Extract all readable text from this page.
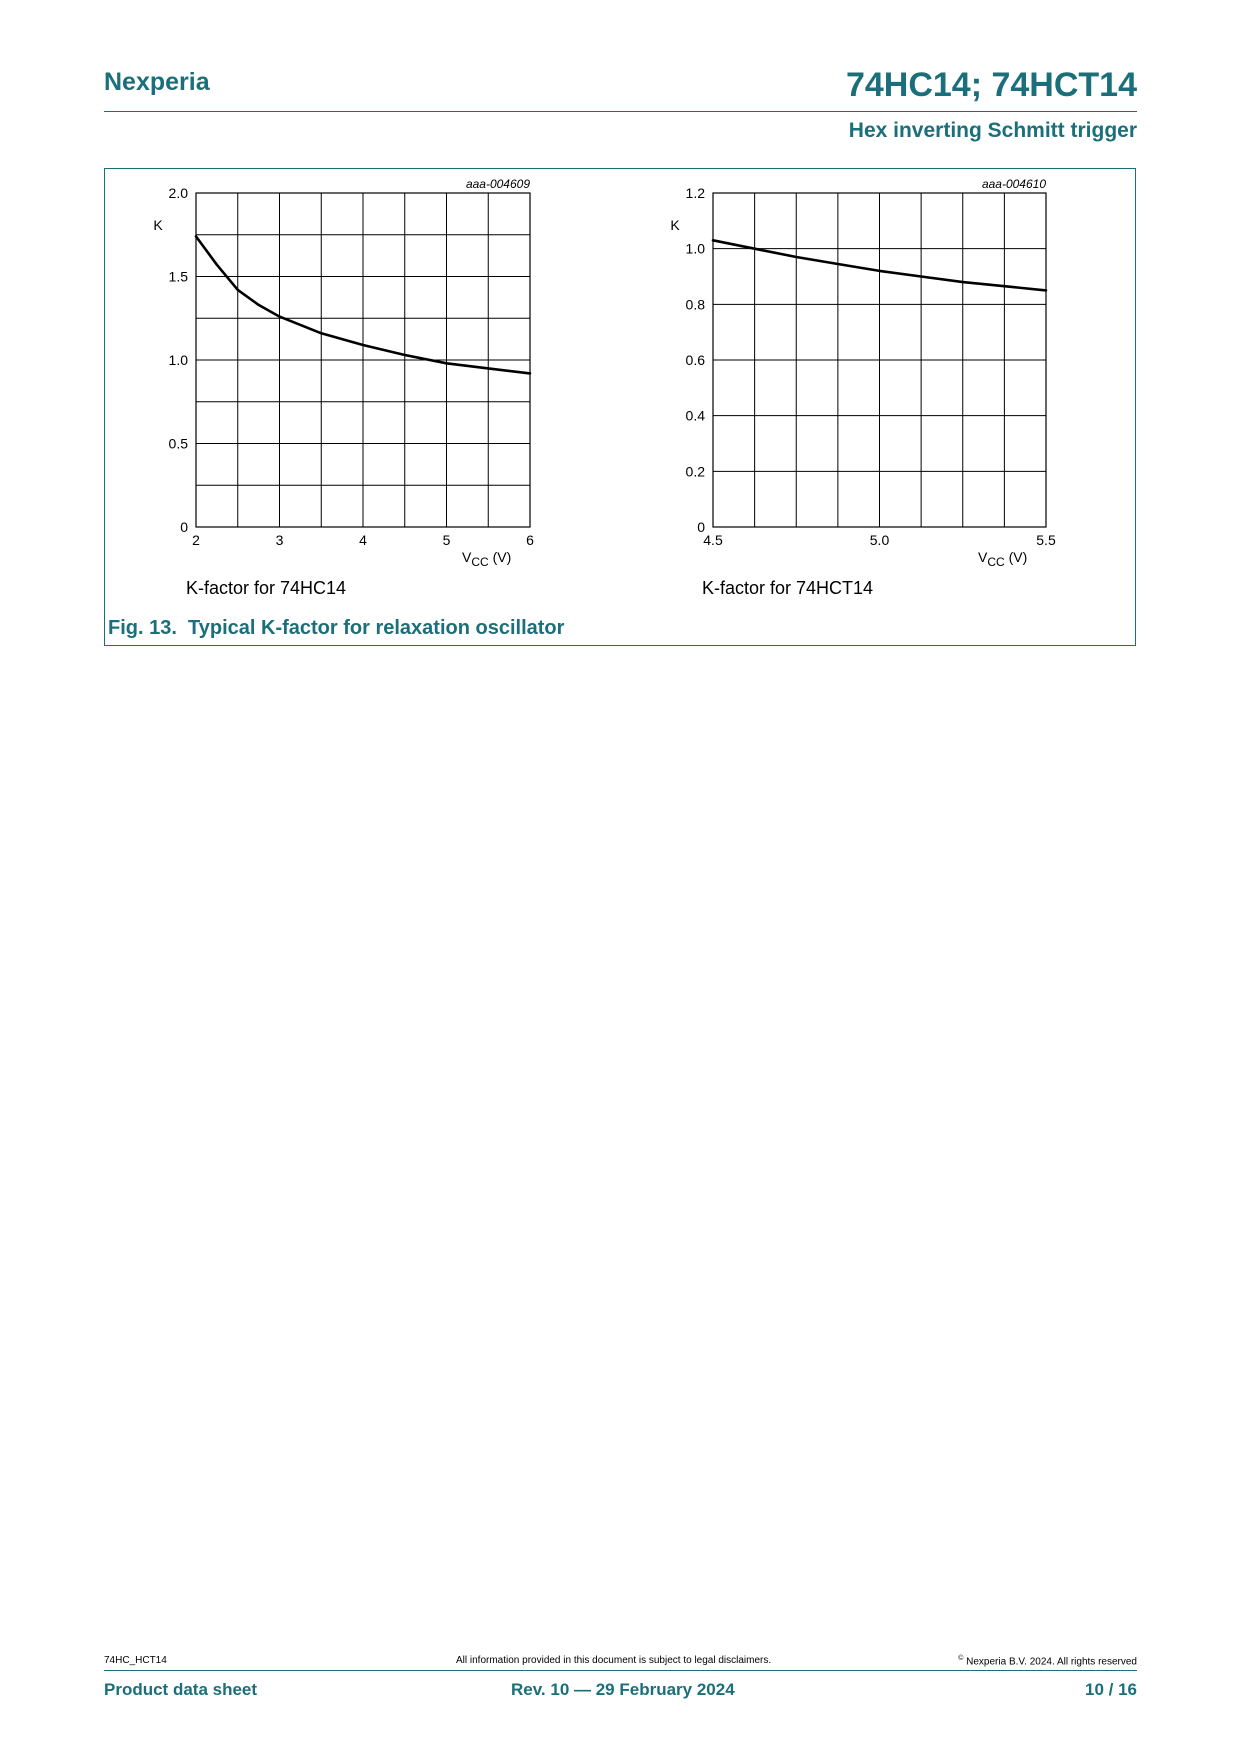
Nexperia	74HC14; 74HCT14
Hex inverting Schmitt trigger
2	3	4	5	6
0
0.5
1.0
1.5
2.0
K
VCC (V)
aaa-004609
K-factor for 74HC14
4.5	5.0	5.5
0
0.2
0.4
0.6
0.8
1.0
1.2
K
VCC (V)
aaa-004610
K-factor for 74HCT14
Fig. 13.  Typical K-factor for relaxation oscillator
74HC_HCT14	All information provided in this document is subject to legal disclaimers.	© Nexperia B.V. 2024. All rights reserved
Product data sheet	Rev. 10 — 29 February 2024	10 / 16
